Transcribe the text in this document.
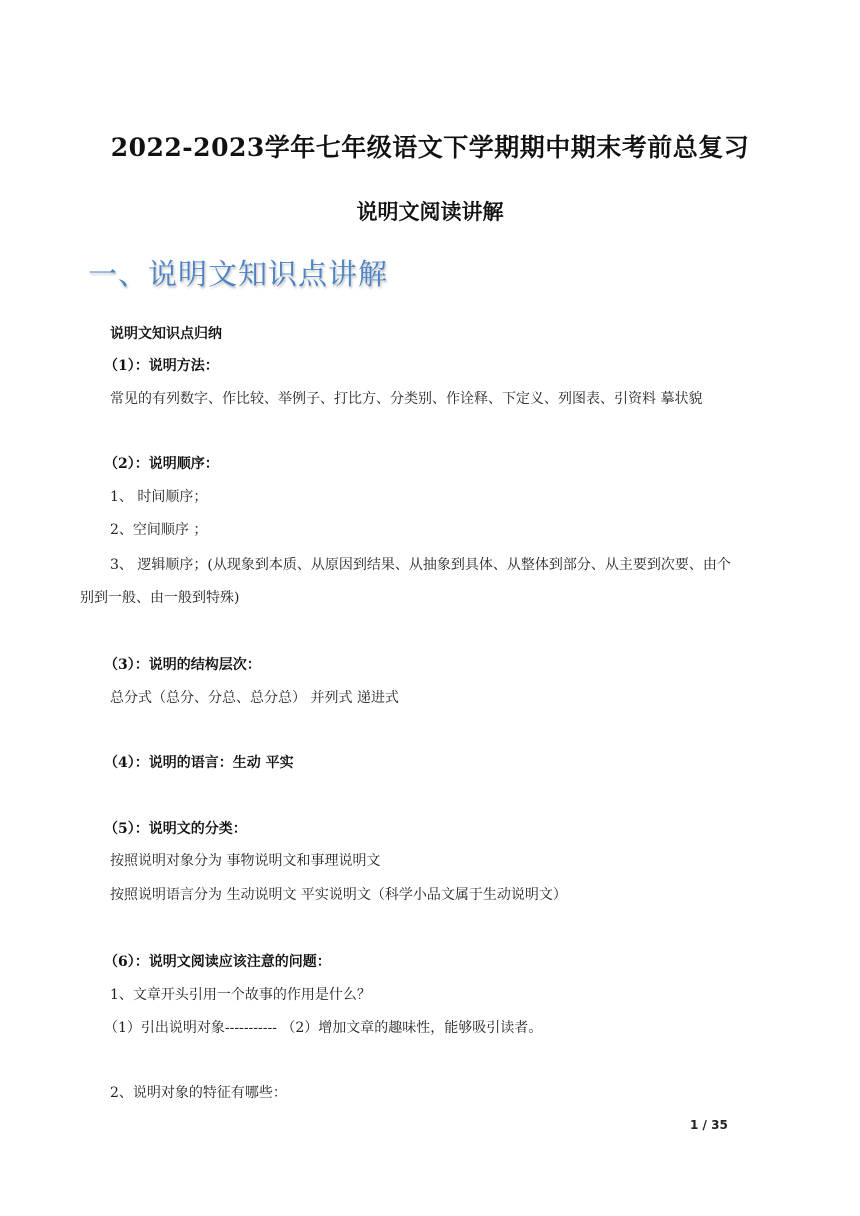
2022-2023学年七年级语文下学期期中期末考前总复习
说明文阅读讲解
一、说明文知识点讲解
说明文知识点归纳
（1）：说明方法：
常见的有列数字、作比较、举例子、打比方、分类别、作诠释、下定义、列图表、引资料 摹状貌
（2）：说明顺序：
1、 时间顺序；
2、空间顺序 ；
3、 逻辑顺序；(从现象到本质、从原因到结果、从抽象到具体、从整体到部分、从主要到次要、由个
别到一般、由一般到特殊)
（3）：说明的结构层次：
总分式（总分、分总、总分总） 并列式 递进式
（4）：说明的语言：生动 平实
（5）：说明文的分类：
按照说明对象分为 事物说明文和事理说明文
按照说明语言分为 生动说明文 平实说明文（科学小品文属于生动说明文）
（6）：说明文阅读应该注意的问题：
1、文章开头引用一个故事的作用是什么？
（1）引出说明对象----------- （2）增加文章的趣味性，能够吸引读者。
2、说明对象的特征有哪些：
1 / 35
